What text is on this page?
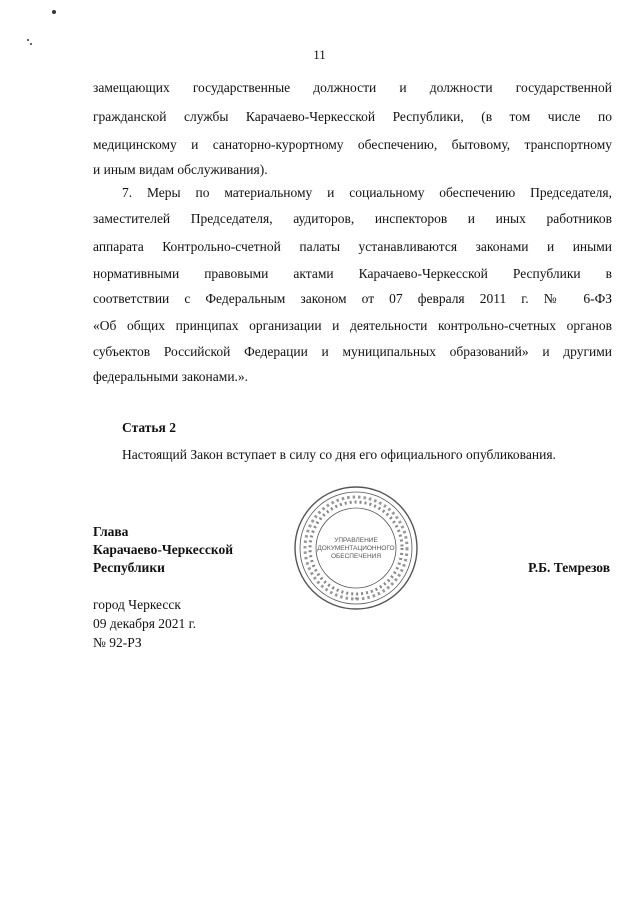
11
замещающих государственные должности и должности государственной
гражданской службы Карачаево-Черкесской Республики, (в том числе по
медицинскому и санаторно-курортному обеспечению, бытовому, транспортному
и иным видам обслуживания).
7. Меры по материальному и социальному обеспечению Председателя,
заместителей Председателя, аудиторов, инспекторов и иных работников
аппарата Контрольно-счетной палаты устанавливаются законами и иными
нормативными правовыми актами Карачаево-Черкесской Республики в
соответствии с Федеральным законом от 07 февраля 2011 г. № 6-ФЗ
«Об общих принципах организации и деятельности контрольно-счетных органов
субъектов Российской Федерации и муниципальных образований» и другими
федеральными законами.».
Статья 2
Настоящий Закон вступает в силу со дня его официального опубликования.
Глава
Карачаево-Черкесской
Республики
УПРАВЛЕНИЕ
ДОКУМЕНТАЦИОННОГО
ОБЕСПЕЧЕНИЯ
*
Р.Б. Темрезов
город Черкесск
09 декабря 2021 г.
№ 92-РЗ
